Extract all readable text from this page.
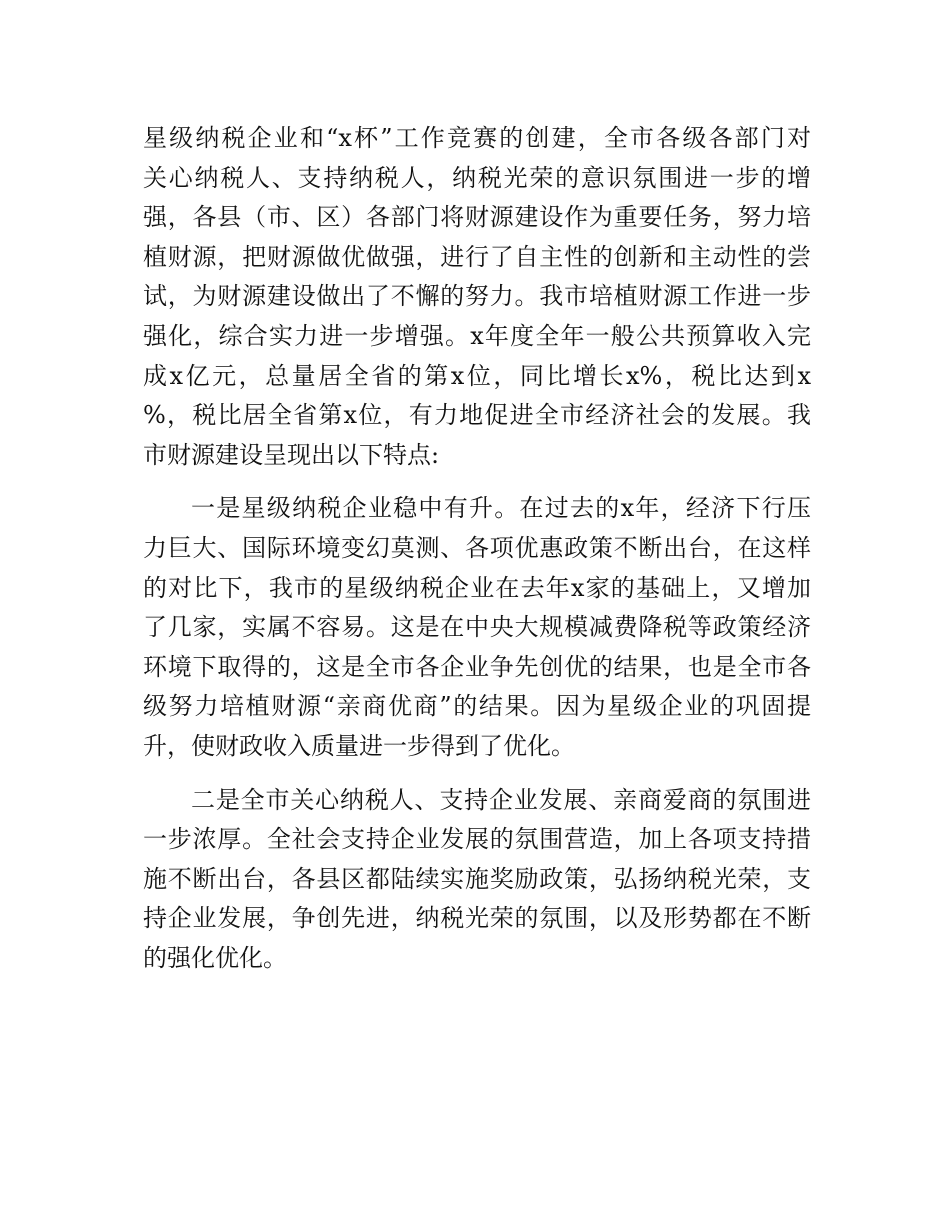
星级纳税企业和“x杯”工作竞赛的创建，全市各级各部门对
关心纳税人、支持纳税人，纳税光荣的意识氛围进一步的增
强，各县（市、区）各部门将财源建设作为重要任务，努力培
植财源，把财源做优做强，进行了自主性的创新和主动性的尝
试，为财源建设做出了不懈的努力。我市培植财源工作进一步
强化，综合实力进一步增强。x年度全年一般公共预算收入完
成x亿元，总量居全省的第x位，同比增长x%，税比达到x
%，税比居全省第x位，有力地促进全市经济社会的发展。我
市财源建设呈现出以下特点:
一是星级纳税企业稳中有升。在过去的x年，经济下行压
力巨大、国际环境变幻莫测、各项优惠政策不断出台，在这样
的对比下，我市的星级纳税企业在去年x家的基础上，又增加
了几家，实属不容易。这是在中央大规模减费降税等政策经济
环境下取得的，这是全市各企业争先创优的结果，也是全市各
级努力培植财源“亲商优商”的结果。因为星级企业的巩固提
升，使财政收入质量进一步得到了优化。
二是全市关心纳税人、支持企业发展、亲商爱商的氛围进
一步浓厚。全社会支持企业发展的氛围营造，加上各项支持措
施不断出台，各县区都陆续实施奖励政策，弘扬纳税光荣，支
持企业发展，争创先进，纳税光荣的氛围，以及形势都在不断
的强化优化。
